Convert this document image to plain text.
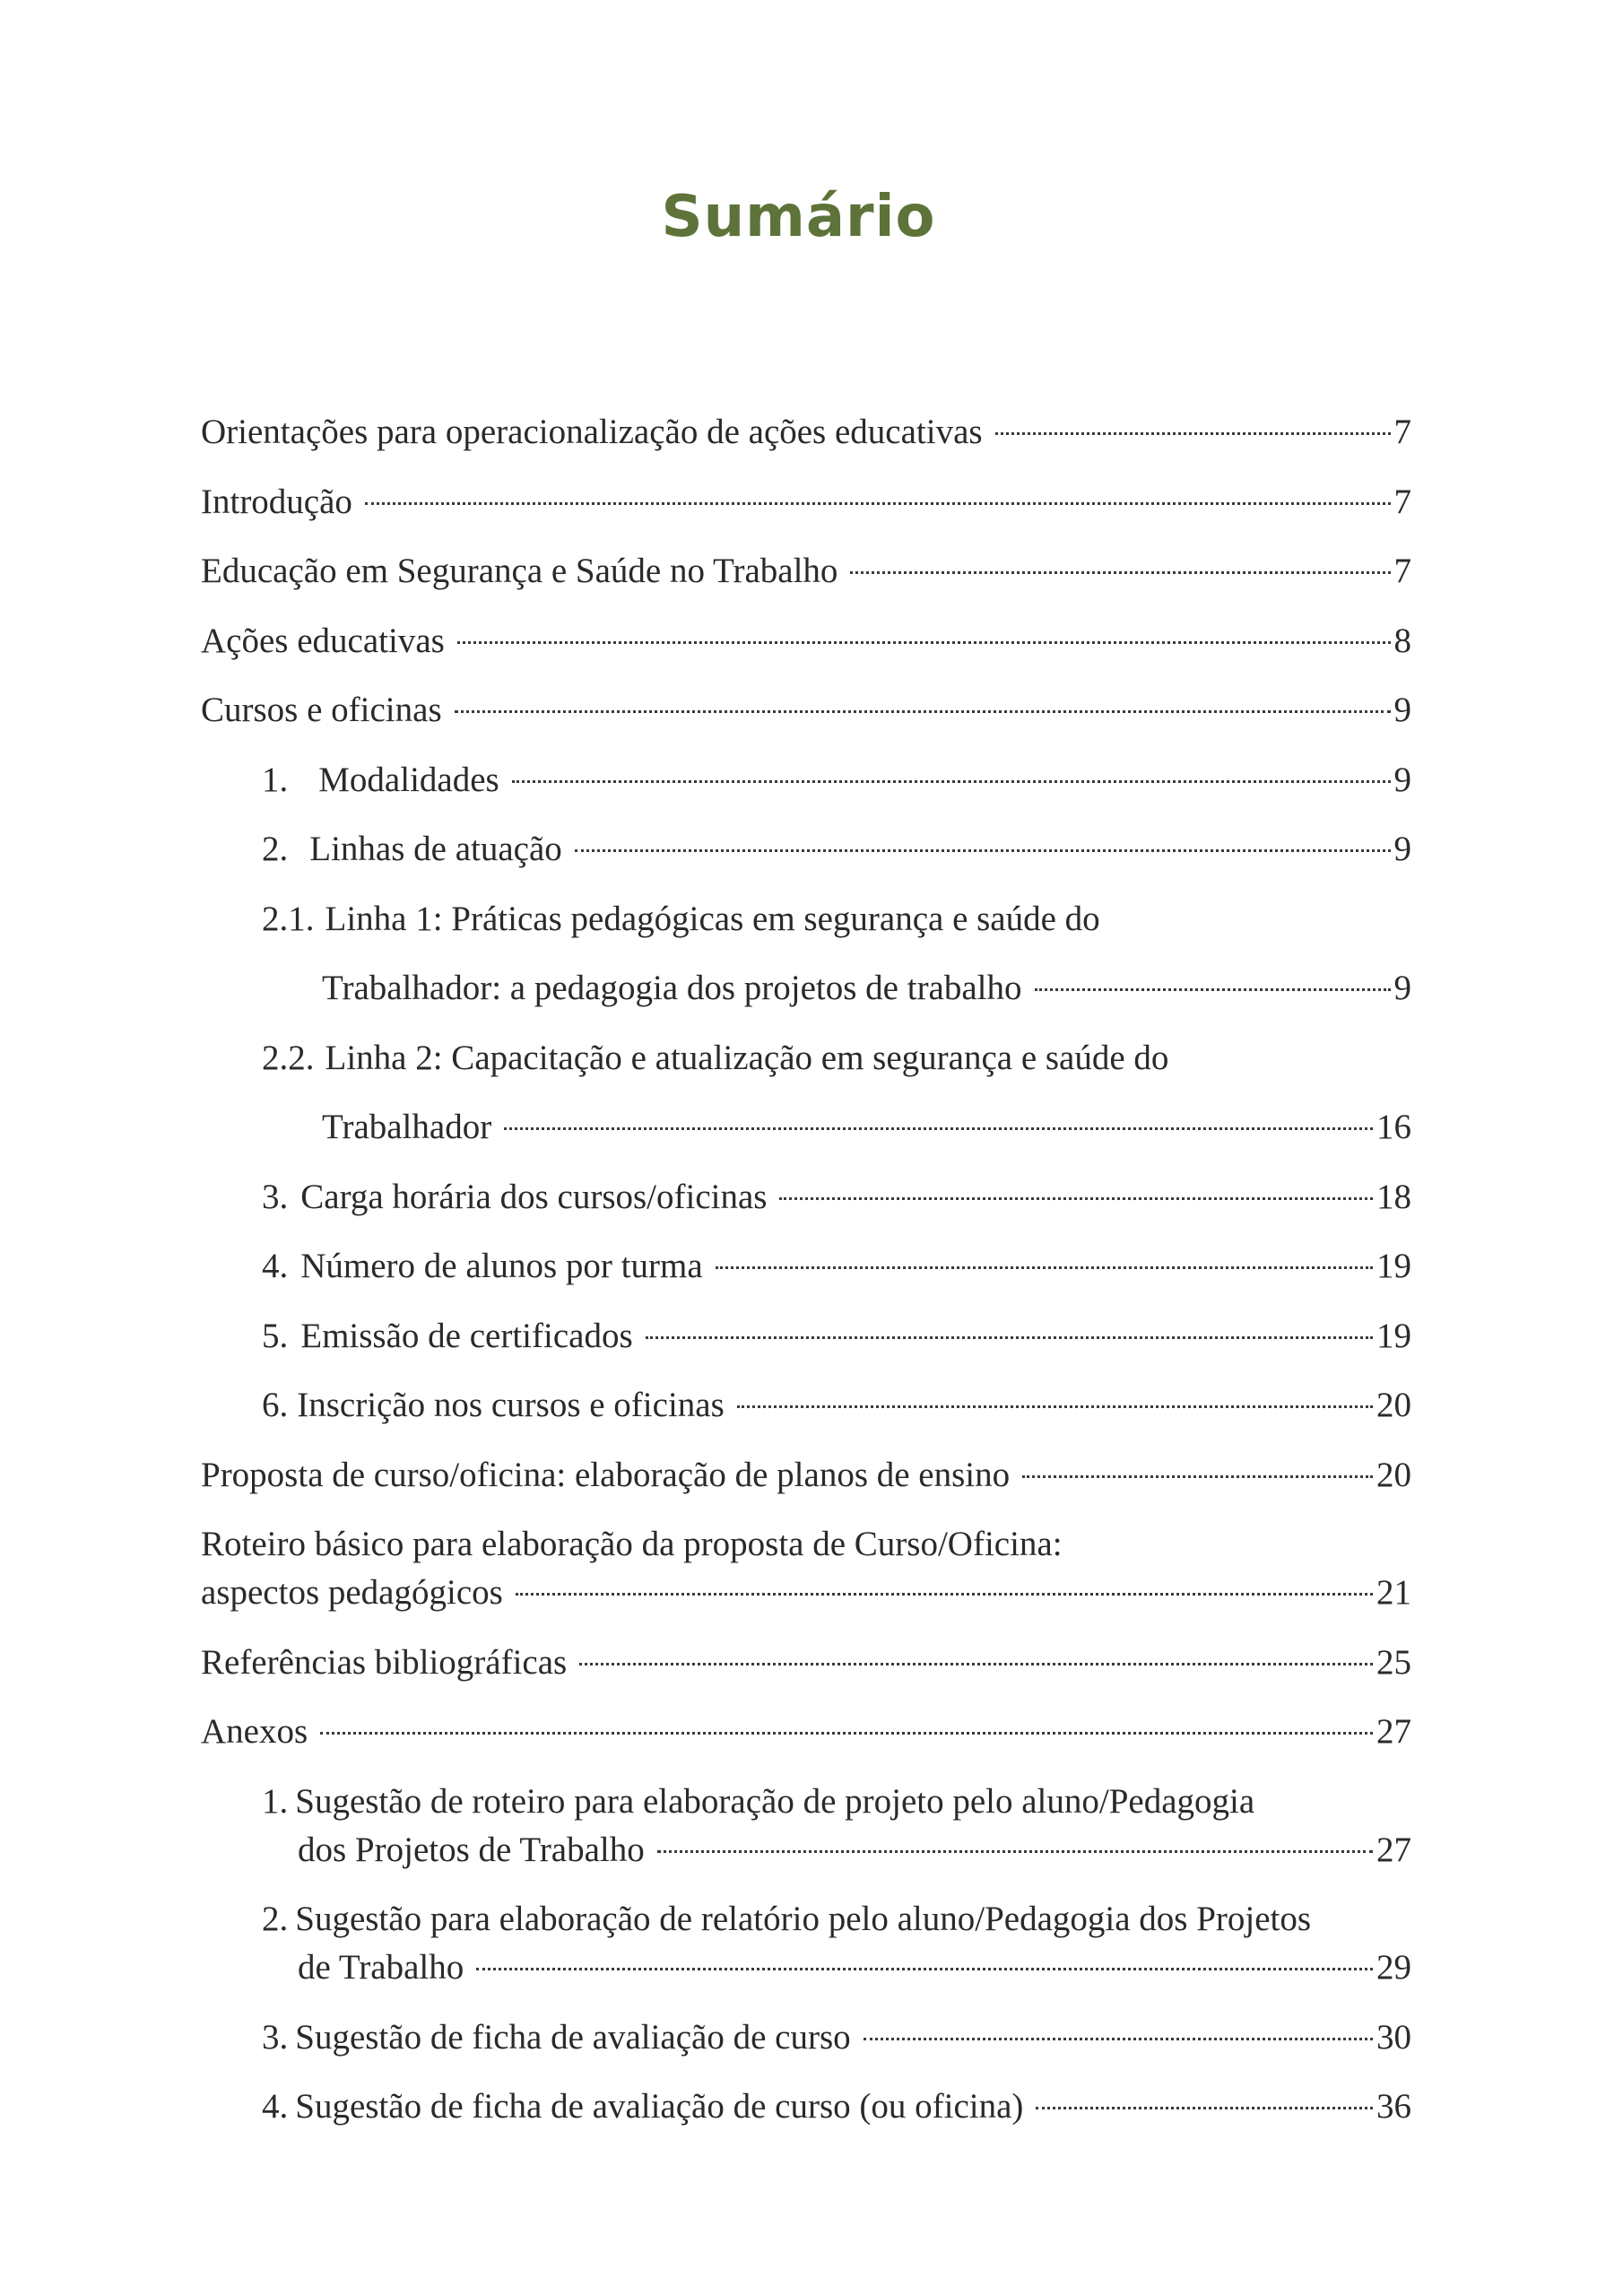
Sumário
Orientações para operacionalização de ações educativas	7
Introdução	7
Educação em Segurança e Saúde no Trabalho	7
Ações educativas	8
Cursos e oficinas	9
1. Modalidades	9
2. Linhas de atuação	9
2.1. Linha 1: Práticas pedagógicas em segurança e saúde do
Trabalhador: a pedagogia dos projetos de trabalho	9
2.2. Linha 2: Capacitação e atualização em segurança e saúde do
Trabalhador	16
3. Carga horária dos cursos/oficinas	18
4. Número de alunos por turma	19
5. Emissão de certificados	19
6. Inscrição nos cursos e oficinas	20
Proposta de curso/oficina: elaboração de planos de ensino	20
Roteiro básico para elaboração da proposta de Curso/Oficina:
aspectos pedagógicos	21
Referências bibliográficas	25
Anexos	27
1. Sugestão de roteiro para elaboração de projeto pelo aluno/Pedagogia
dos Projetos de Trabalho	27
2. Sugestão para elaboração de relatório pelo aluno/Pedagogia dos Projetos
de Trabalho	29
3. Sugestão de ficha de avaliação de curso	30
4. Sugestão de ficha de avaliação de curso (ou oficina)	36
